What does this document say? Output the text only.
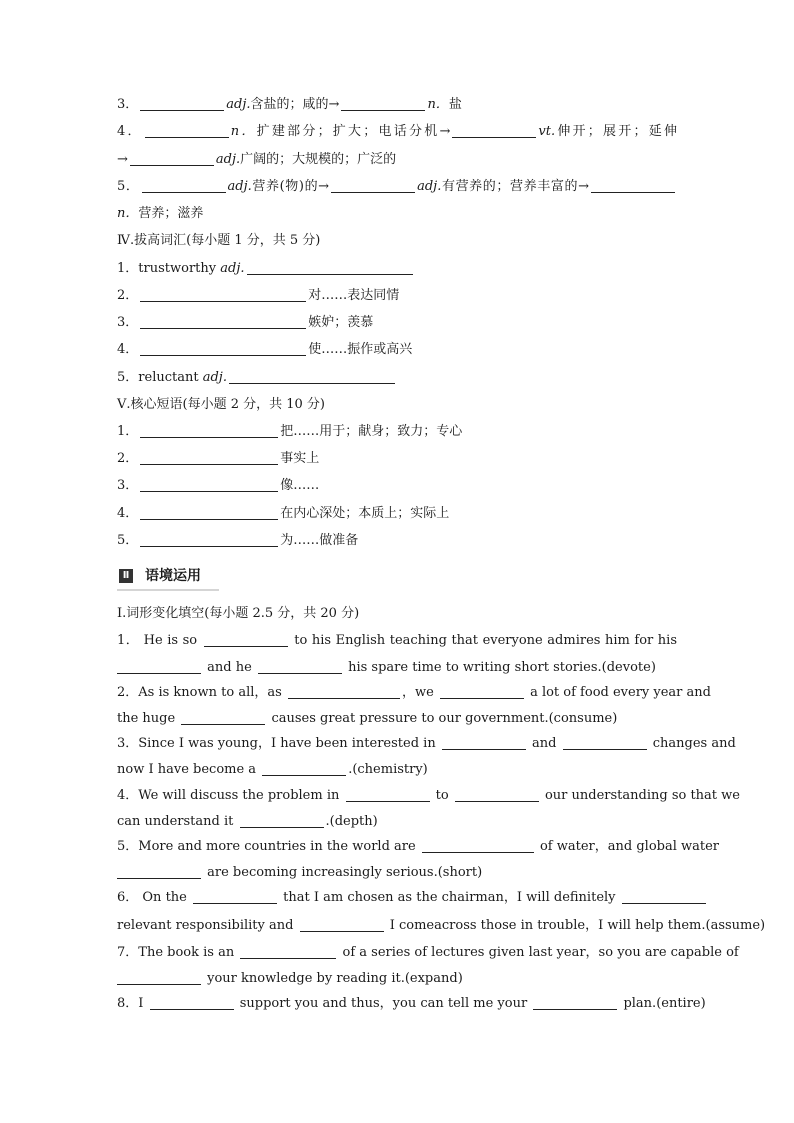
3．	adj.含盐的；咸的→	n．盐
4．	n．扩建部分；扩大；电话分机→	vt.伸开；展开；延伸
→	adj.广阔的；大规模的；广泛的
5．	adj.营养(物)的→	adj.有营养的；营养丰富的→
n．营养；滋养
Ⅳ.拔高词汇(每小题 1 分，共 5 分)
1．trustworthy adj.
2．	对……表达同情
3．	嫉妒；羡慕
4．	使……振作或高兴
5．reluctant adj.
Ⅴ.核心短语(每小题 2 分，共 10 分)
1．	把……用于；献身；致力；专心
2．	事实上
3．	像……
4．	在内心深处；本质上；实际上
5．	为……做准备
Ⅱ 语境运用
Ⅰ.词形变化填空(每小题 2.5 分，共 20 分)
1． He is so	to his English teaching that everyone admires him for his
and he	his spare time to writing short stories.(devote)
2．As is known to all，as	，we	a lot of food every year and
the huge	causes great pressure to our government.(consume)
3．Since I was young，I have been interested in	and	changes and
now I have become a	.(chemistry)
4．We will discuss the problem in	to	our understanding so that we
can understand it	.(depth)
5．More and more countries in the world are	of water，and global water
are becoming increasingly serious.(short)
6． On the	that I am chosen as the chairman，I will definitely
relevant responsibility and	I comeacross those in trouble，I will help them.(assume)
7．The book is an	of a series of lectures given last year，so you are capable of
your knowledge by reading it.(expand)
8．I	support you and thus，you can tell me your	plan.(entire)
